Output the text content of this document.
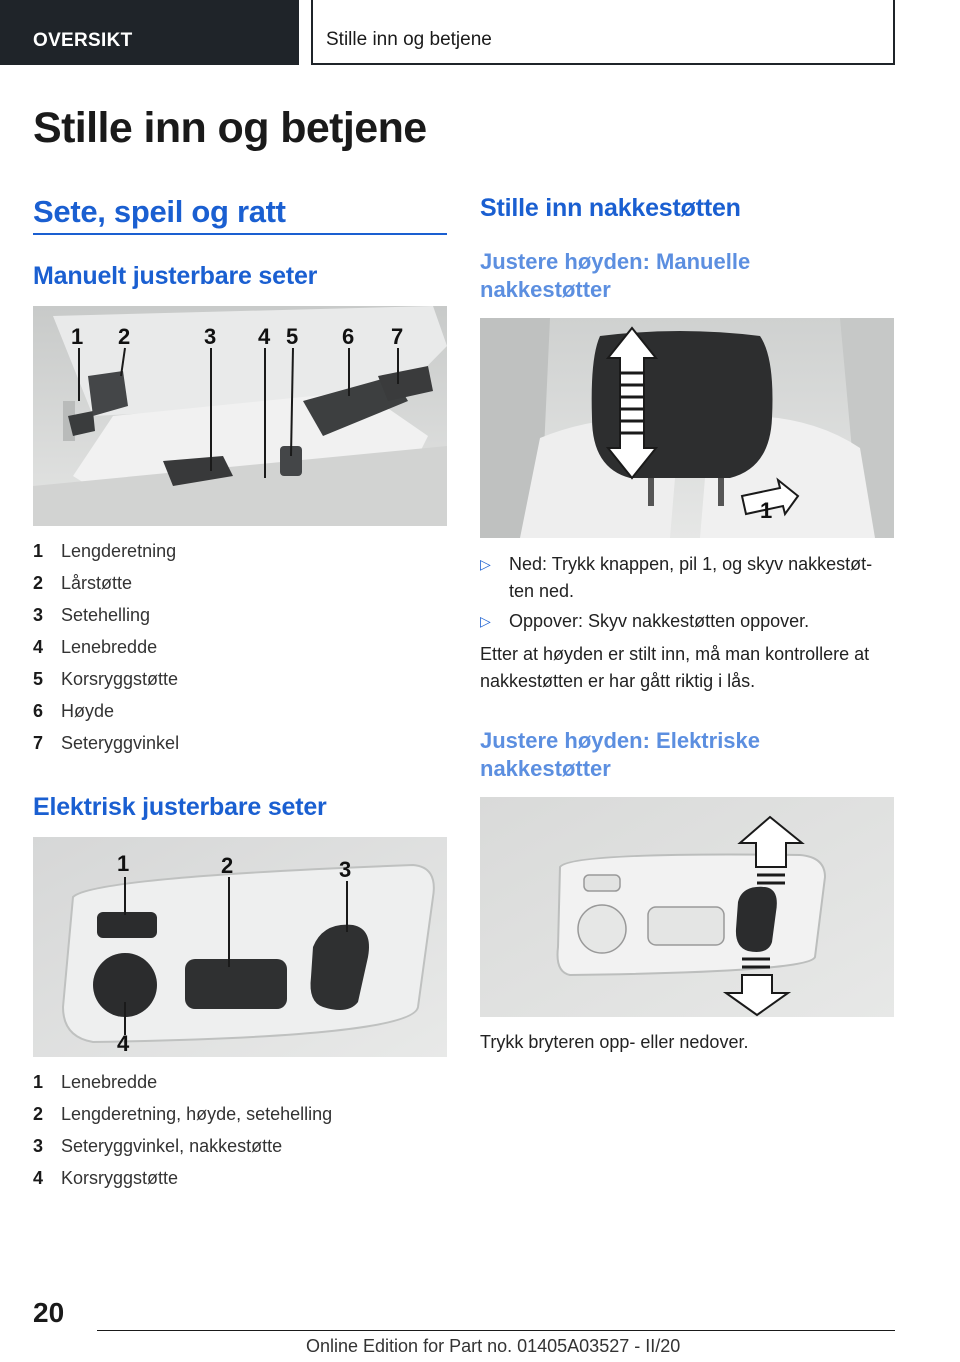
OVERSIKT	Stille inn og betjene
Stille inn og betjene
Sete, speil og ratt
Manuelt justerbare seter
1 2	3 4 5 6 7
1 Lengderetning
2 Lårstøtte
3 Setehelling
4 Lenebredde
5 Korsryggstøtte
6 Høyde
7 Seteryggvinkel
Elektrisk justerbare seter
1	2	3
4
1 Lenebredde
2 Lengderetning, høyde, setehelling
3 Seteryggvinkel, nakkestøtte
4 Korsryggstøtte
Stille inn nakkestøtten
Justere høyden: Manuelle
nakkestøtter
1
▷ Ned: Trykk knappen, pil 1, og skyv nakkestøt-
ten ned.
▷ Oppover: Skyv nakkestøtten oppover.
Etter at høyden er stilt inn, må man kontrollere at
nakkestøtten er har gått riktig i lås.
Justere høyden: Elektriske
nakkestøtter
Trykk bryteren opp- eller nedover.
20
Online Edition for Part no. 01405A03527 - II/20
